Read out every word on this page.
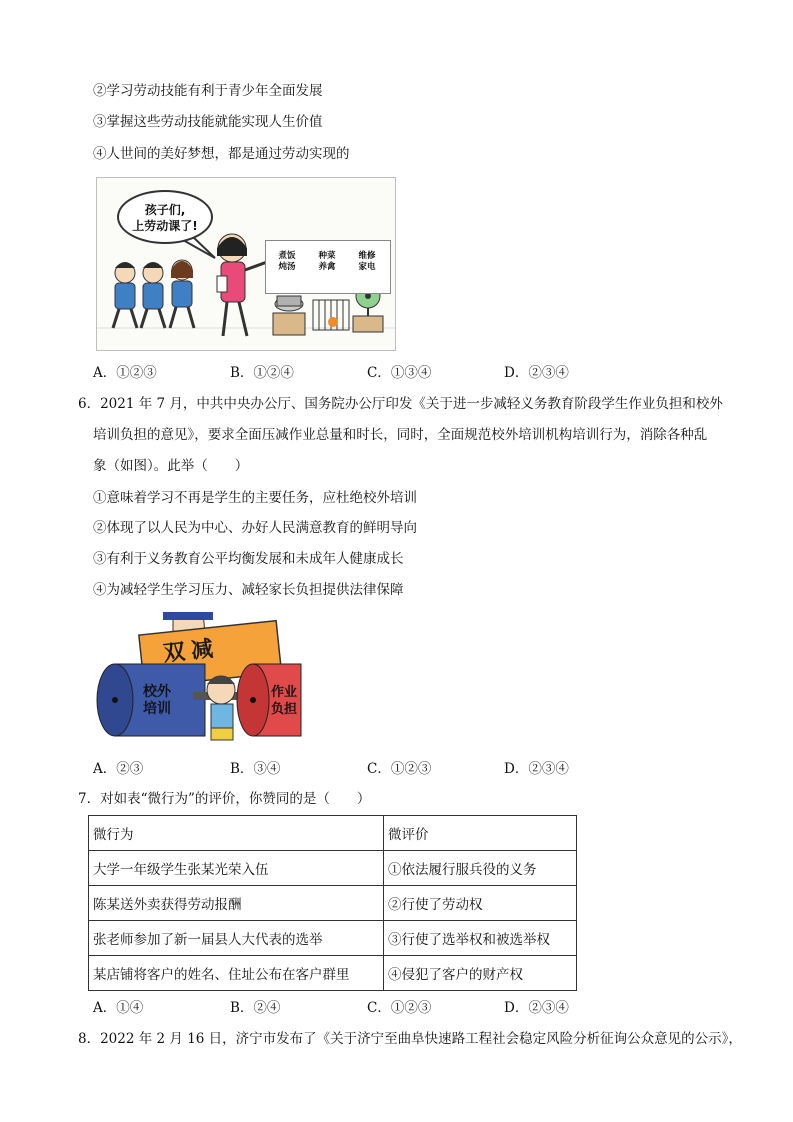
②学习劳动技能有利于青少年全面发展
③掌握这些劳动技能就能实现人生价值
④人世间的美好梦想，都是通过劳动实现的
孩子们,
上劳动课了!
煮饭
炖汤
种菜
养禽
维修
家电
A．①②③	B．①②④	C．①③④	D．②③④
6．2021 年 7 月，中共中央办公厅、国务院办公厅印发《关于进一步减轻义务教育阶段学生作业负担和校外
培训负担的意见》，要求全面压减作业总量和时长，同时，全面规范校外培训机构培训行为，消除各种乱
象（如图）。此举（　　）
①意味着学习不再是学生的主要任务，应杜绝校外培训
②体现了以人民为中心、办好人民满意教育的鲜明导向
③有利于义务教育公平均衡发展和未成年人健康成长
④为减轻学生学习压力、减轻家长负担提供法律保障
双减
校外
培训
作业
负担
A．②③	B．③④	C．①②③	D．②③④
7．对如表“微行为”的评价，你赞同的是（　　）
微行为	微评价
大学一年级学生张某光荣入伍	①依法履行服兵役的义务
陈某送外卖获得劳动报酬	②行使了劳动权
张老师参加了新一届县人大代表的选举	③行使了选举权和被选举权
某店铺将客户的姓名、住址公布在客户群里	④侵犯了客户的财产权
A．①④	B．②④	C．①②③	D．②③④
8．2022 年 2 月 16 日，济宁市发布了《关于济宁至曲阜快速路工程社会稳定风险分析征询公众意见的公示》，
